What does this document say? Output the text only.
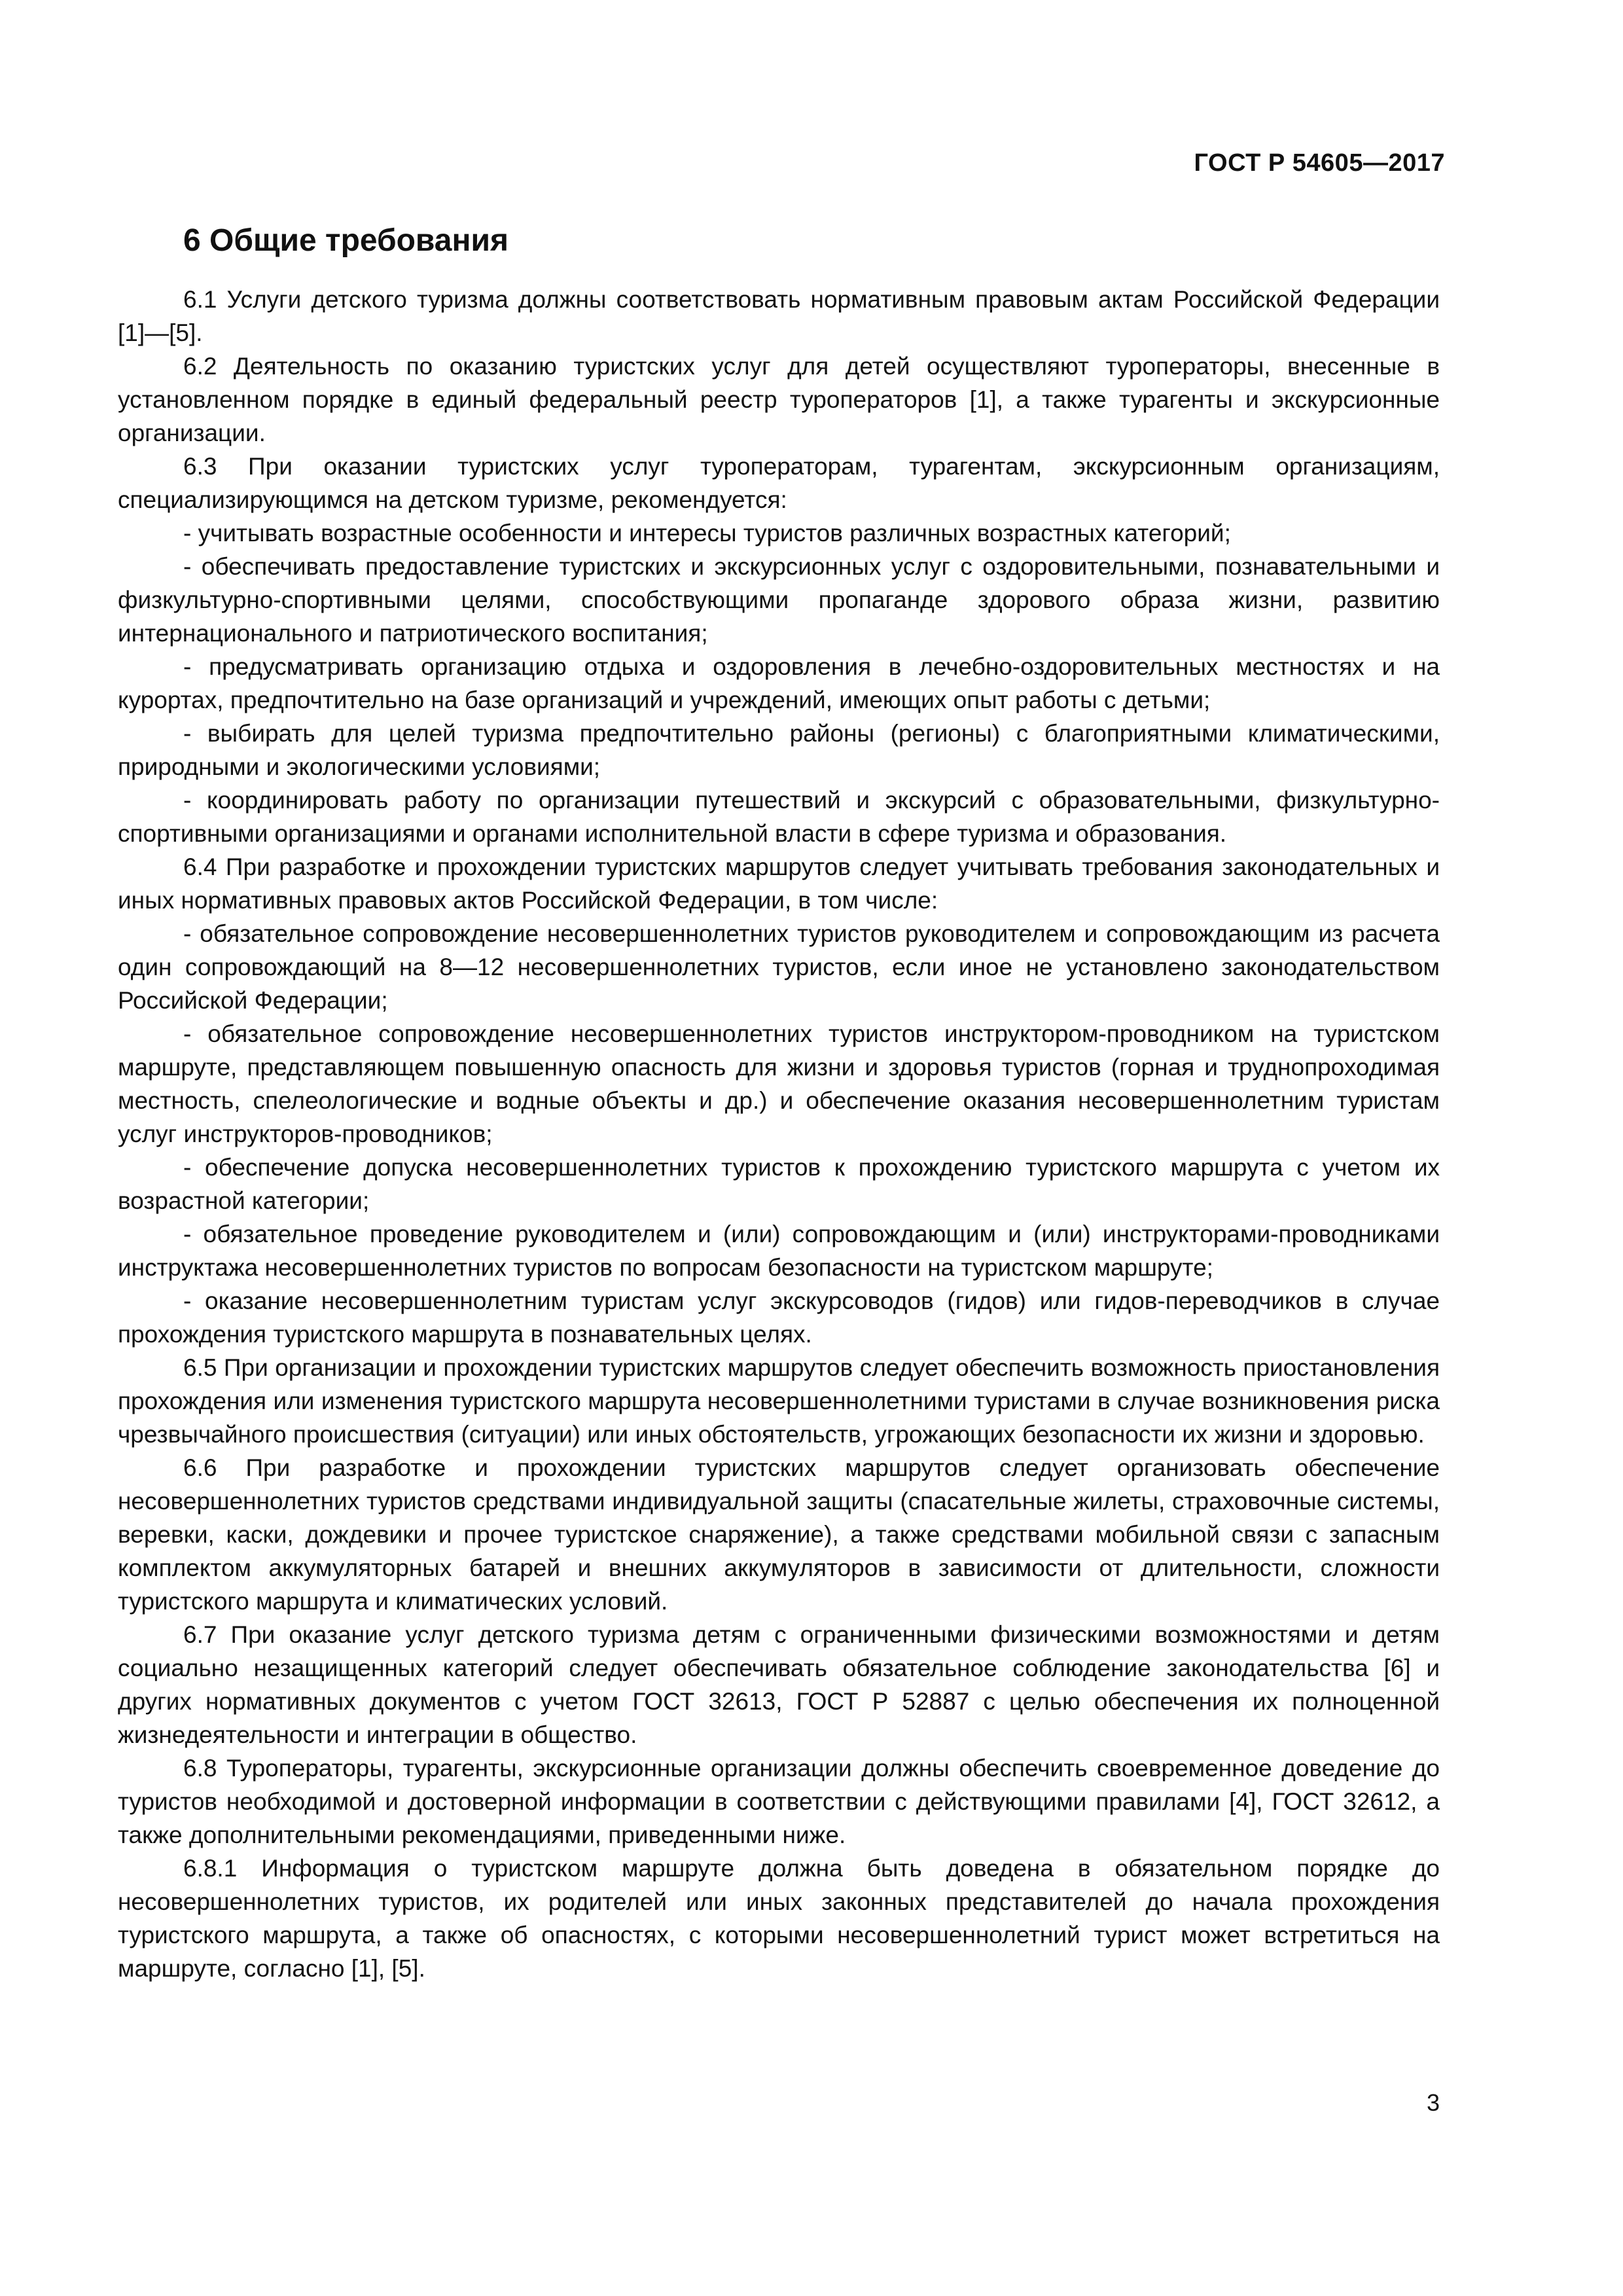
ГОСТ Р 54605—2017
6 Общие требования

6.1 Услуги детского туризма должны соответствовать нормативным правовым актам Российской Федерации [1]—[5].

6.2 Деятельность по оказанию туристских услуг для детей осуществляют туроператоры, внесенные в установленном порядке в единый федеральный реестр туроператоров [1], а также турагенты и экскурсионные организации.

6.3 При оказании туристских услуг туроператорам, турагентам, экскурсионным организациям, специализирующимся на детском туризме, рекомендуется:

- учитывать возрастные особенности и интересы туристов различных возрастных категорий;

- обеспечивать предоставление туристских и экскурсионных услуг с оздоровительными, познавательными и физкультурно-спортивными целями, способствующими пропаганде здорового образа жизни, развитию интернационального и патриотического воспитания;

- предусматривать организацию отдыха и оздоровления в лечебно-оздоровительных местностях и на курортах, предпочтительно на базе организаций и учреждений, имеющих опыт работы с детьми;

- выбирать для целей туризма предпочтительно районы (регионы) с благоприятными климатическими, природными и экологическими условиями;

- координировать работу по организации путешествий и экскурсий с образовательными, физкультурно-спортивными организациями и органами исполнительной власти в сфере туризма и образования.

6.4 При разработке и прохождении туристских маршрутов следует учитывать требования законодательных и иных нормативных правовых актов Российской Федерации, в том числе:

- обязательное сопровождение несовершеннолетних туристов руководителем и сопровождающим из расчета один сопровождающий на 8—12 несовершеннолетних туристов, если иное не установлено законодательством Российской Федерации;

- обязательное сопровождение несовершеннолетних туристов инструктором-проводником на туристском маршруте, представляющем повышенную опасность для жизни и здоровья туристов (горная и труднопроходимая местность, спелеологические и водные объекты и др.) и обеспечение оказания несовершеннолетним туристам услуг инструкторов-проводников;

- обеспечение допуска несовершеннолетних туристов к прохождению туристского маршрута с учетом их возрастной категории;

- обязательное проведение руководителем и (или) сопровождающим и (или) инструкторами-проводниками инструктажа несовершеннолетних туристов по вопросам безопасности на туристском маршруте;

- оказание несовершеннолетним туристам услуг экскурсоводов (гидов) или гидов-переводчиков в случае прохождения туристского маршрута в познавательных целях.

6.5 При организации и прохождении туристских маршрутов следует обеспечить возможность приостановления прохождения или изменения туристского маршрута несовершеннолетними туристами в случае возникновения риска чрезвычайного происшествия (ситуации) или иных обстоятельств, угрожающих безопасности их жизни и здоровью.

6.6 При разработке и прохождении туристских маршрутов следует организовать обеспечение несовершеннолетних туристов средствами индивидуальной защиты (спасательные жилеты, страховочные системы, веревки, каски, дождевики и прочее туристское снаряжение), а также средствами мобильной связи с запасным комплектом аккумуляторных батарей и внешних аккумуляторов в зависимости от длительности, сложности туристского маршрута и климатических условий.

6.7 При оказание услуг детского туризма детям с ограниченными физическими возможностями и детям социально незащищенных категорий следует обеспечивать обязательное соблюдение законодательства [6] и других нормативных документов с учетом ГОСТ 32613, ГОСТ Р 52887 с целью обеспечения их полноценной жизнедеятельности и интеграции в общество.

6.8 Туроператоры, турагенты, экскурсионные организации должны обеспечить своевременное доведение до туристов необходимой и достоверной информации в соответствии с действующими правилами [4], ГОСТ 32612, а также дополнительными рекомендациями, приведенными ниже.

6.8.1 Информация о туристском маршруте должна быть доведена в обязательном порядке до несовершеннолетних туристов, их родителей или иных законных представителей до начала прохождения туристского маршрута, а также об опасностях, с которыми несовершеннолетний турист может встретиться на маршруте, согласно [1], [5].

3
